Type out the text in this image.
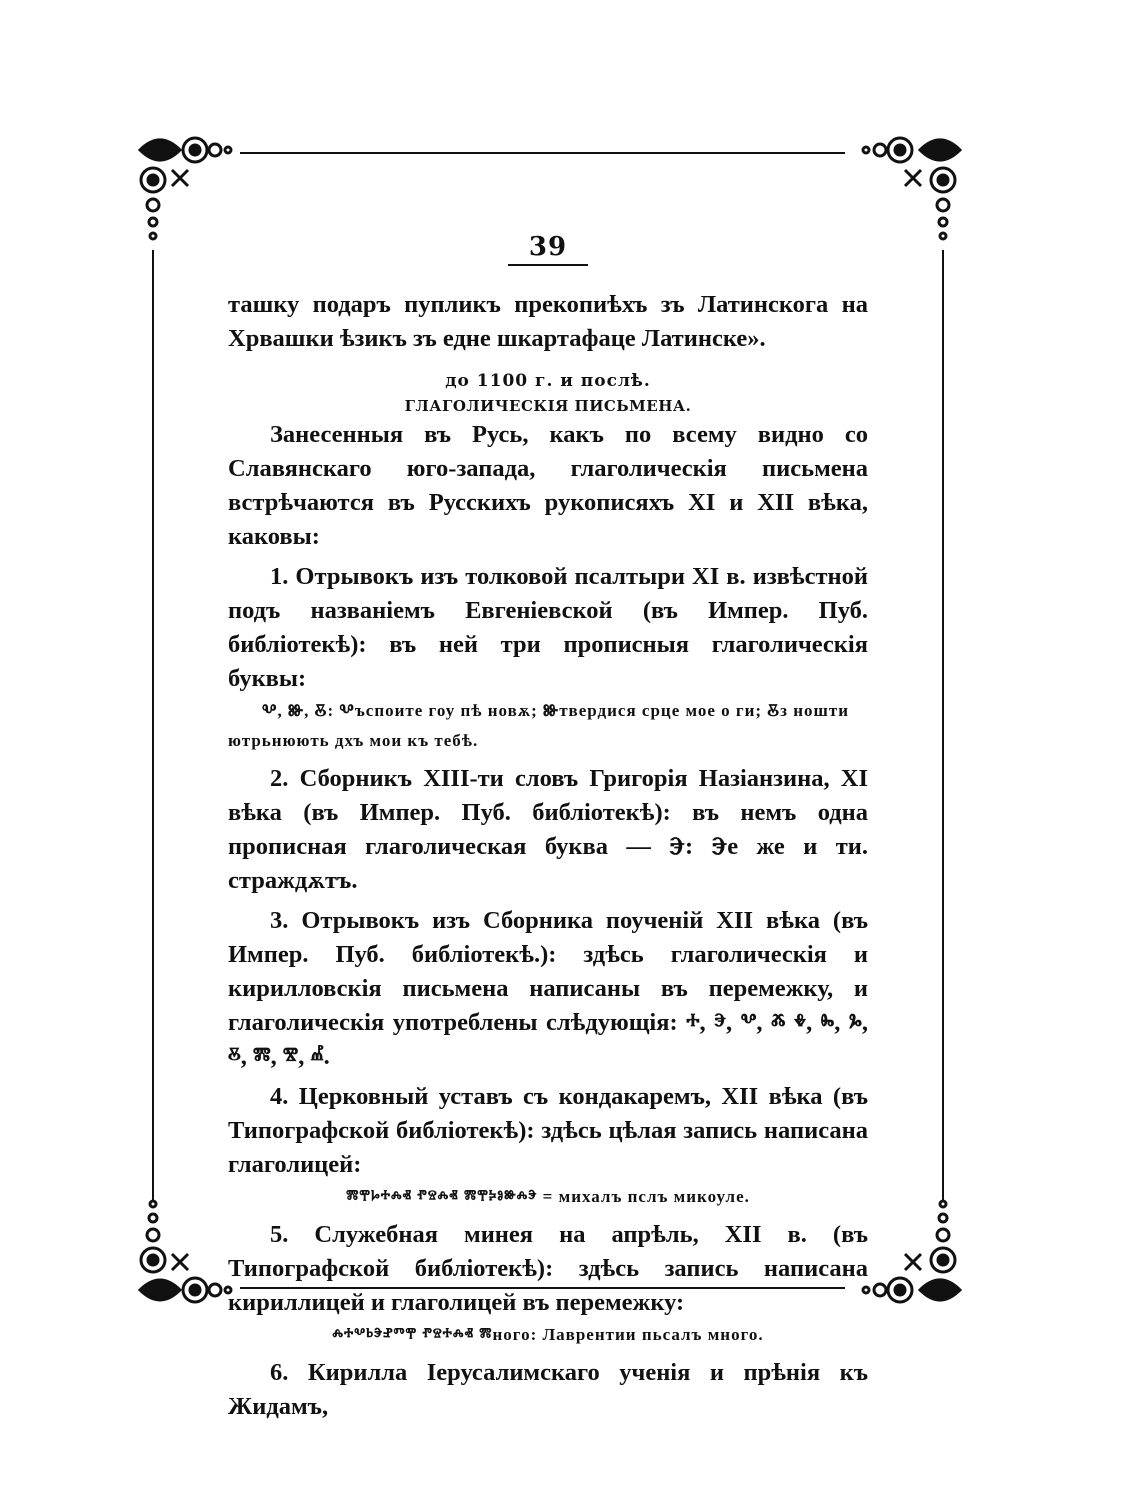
39

ташку подаръ пупликъ прекопиѣхъ зъ Латинскога на Хрвашки ѣзикъ зъ едне шкартафаце Латинске».

до 1100 г. и послѣ.
ГЛАГОЛИЧЕСКІЯ ПИСЬМЕНА.

Занесенныя въ Русь, какъ по всему видно со Славянскаго юго-запада, глаголическія письмена встрѣчаются въ Русскихъ рукописяхъ XI и XII вѣка, каковы:

1. Отрывокъ изъ толковой псалтыри XI в. извѣстной подъ названіемъ Евгеніевской (въ Импер. Пуб. библіотекѣ): въ ней три прописныя глаголическія буквы:

Ⰲ, Ⱆ, Ⰻ: Ⰲъспоите гоу пѣ новѫ; Ⱆтвердися срце мое о ги; Ⰻз ношти ютрьнюють дхъ мои къ тебѣ.

2. Сборникъ XIII-ти словъ Григорія Назіанзина, XI вѣка (въ Импер. Пуб. библіотекѣ): въ немъ одна прописная глаголическая буква — Ⰵ: Ⰵе же и ти. страждѫтъ.

3. Отрывокъ изъ Сборника поученій XII вѣка (въ Импер. Пуб. библіотекѣ.): здѣсь глаголическія и кирилловскія письмена написаны въ перемежку, и глаголическія употреблены слѣдующія: ⰰ, ⰵ, ⰲ, ⰶ ⰷ, ⰸ, ⰳ, ⰻ, ⰿ, ⰺ, ⰼ.

4. Церковный уставъ съ кондакаремъ, XII вѣка (въ Типографской библіотекѣ): здѣсь цѣлая запись написана глаголицей:

ⰿⰹⱈⰰⰾⱏ ⱂⱄⰾⱏ ⰿⰹⰽⱁⱆⰾⰵ = михалъ пслъ микоуле.

5. Служебная минея на апрѣль, XII в. (въ Типографской библіотекѣ): здѣсь запись написана кириллицей и глаголицей въ перемежку:

ⰾⰰⰲⱃⰵⱀⱅⰹ ⱂⱄⰰⰾⱏ ⰿного: Лаврентии пьсалъ много.

6. Кирилла Іерусалимскаго ученія и прѣнія къ Жидамъ,
